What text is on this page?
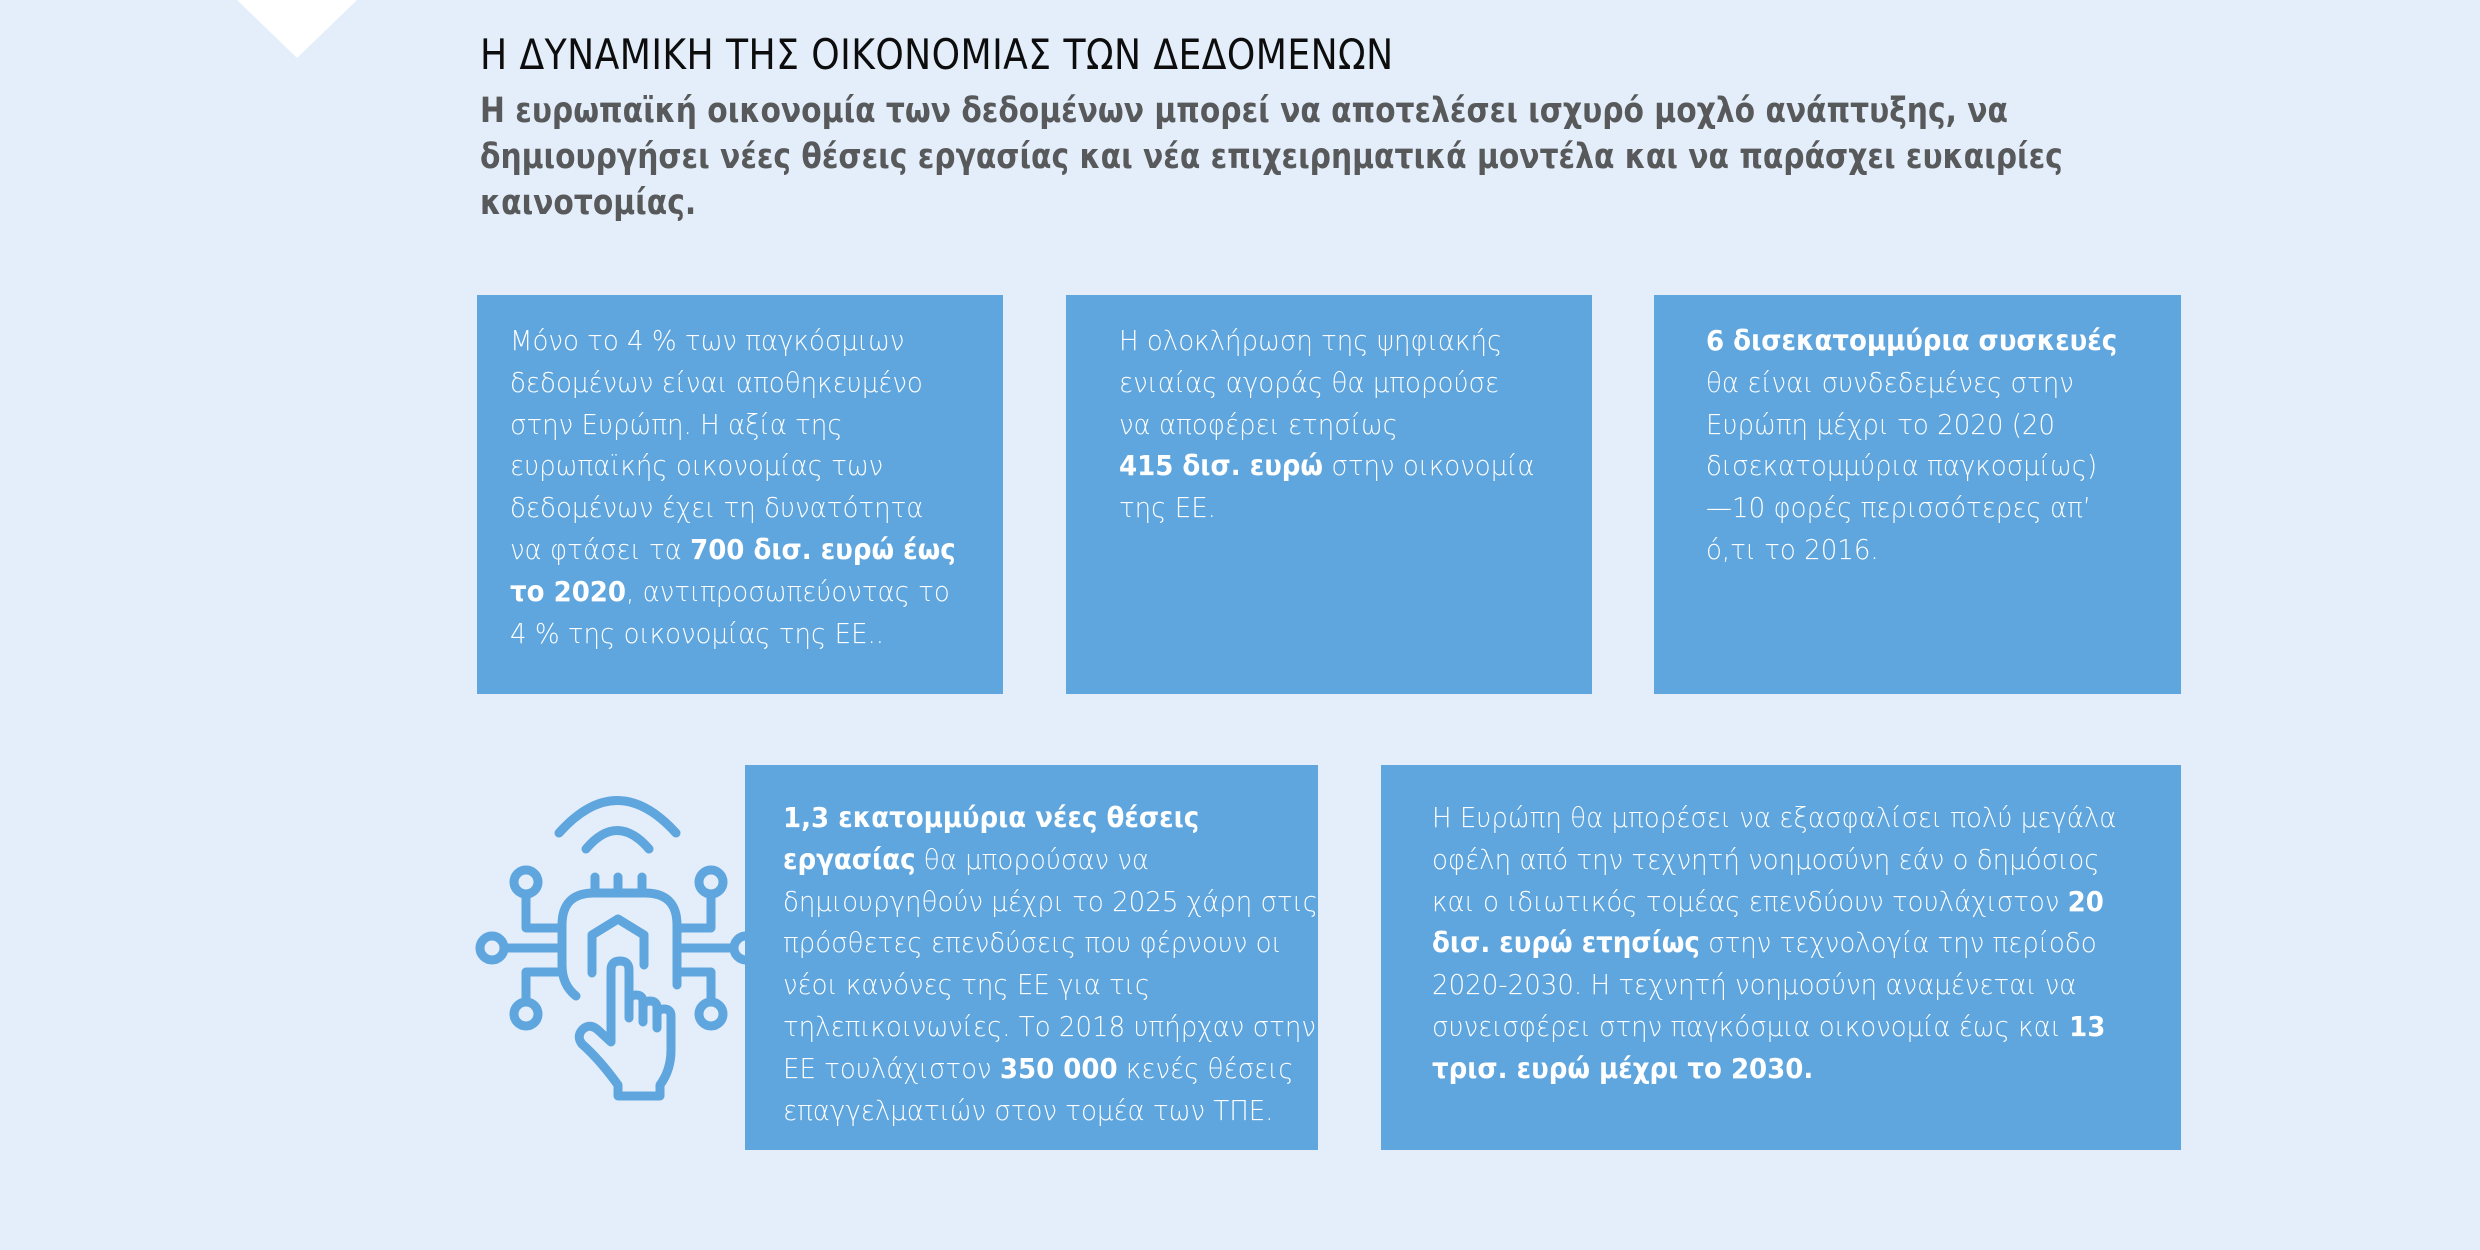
Η ΔΥΝΑΜΙΚΗ ΤΗΣ ΟΙΚΟΝΟΜΙΑΣ ΤΩΝ ΔΕΔΟΜΕΝΩΝ

Η ευρωπαϊκή οικονομία των δεδομένων μπορεί να αποτελέσει ισχυρό μοχλό ανάπτυξης, να δημιουργήσει νέες θέσεις εργασίας και νέα επιχειρηματικά μοντέλα και να παράσχει ευκαιρίες καινοτομίας.

Μόνο το 4 % των παγκόσμιων
δεδομένων είναι αποθηκευμένο
στην Ευρώπη. Η αξία της
ευρωπαϊκής οικονομίας των
δεδομένων έχει τη δυνατότητα
να φτάσει τα 700 δισ. ευρώ έως
το 2020, αντιπροσωπεύοντας το
4 % της οικονομίας της ΕΕ..
Η ολοκλήρωση της ψηφιακής
ενιαίας αγοράς θα μπορούσε
να αποφέρει ετησίως
415 δισ. ευρώ στην οικονομία
της ΕΕ.
6 δισεκατομμύρια συσκευές
θα είναι συνδεδεμένες στην
Ευρώπη μέχρι το 2020 (20
δισεκατομμύρια παγκοσμίως)
—10 φορές περισσότερες απ’
ό,τι το 2016.
1,3 εκατομμύρια νέες θέσεις
εργασίας θα μπορούσαν να
δημιουργηθούν μέχρι το 2025 χάρη στις
πρόσθετες επενδύσεις που φέρνουν οι
νέοι κανόνες της ΕΕ για τις
τηλεπικοινωνίες. Το 2018 υπήρχαν στην
ΕΕ τουλάχιστον 350 000 κενές θέσεις
επαγγελματιών στον τομέα των ΤΠΕ.
Η Ευρώπη θα μπορέσει να εξασφαλίσει πολύ μεγάλα
οφέλη από την τεχνητή νοημοσύνη εάν ο δημόσιος
και ο ιδιωτικός τομέας επενδύουν τουλάχιστον 20
δισ. ευρώ ετησίως στην τεχνολογία την περίοδο
2020-2030. Η τεχνητή νοημοσύνη αναμένεται να
συνεισφέρει στην παγκόσμια οικονομία έως και 13
τρισ. ευρώ μέχρι το 2030.
